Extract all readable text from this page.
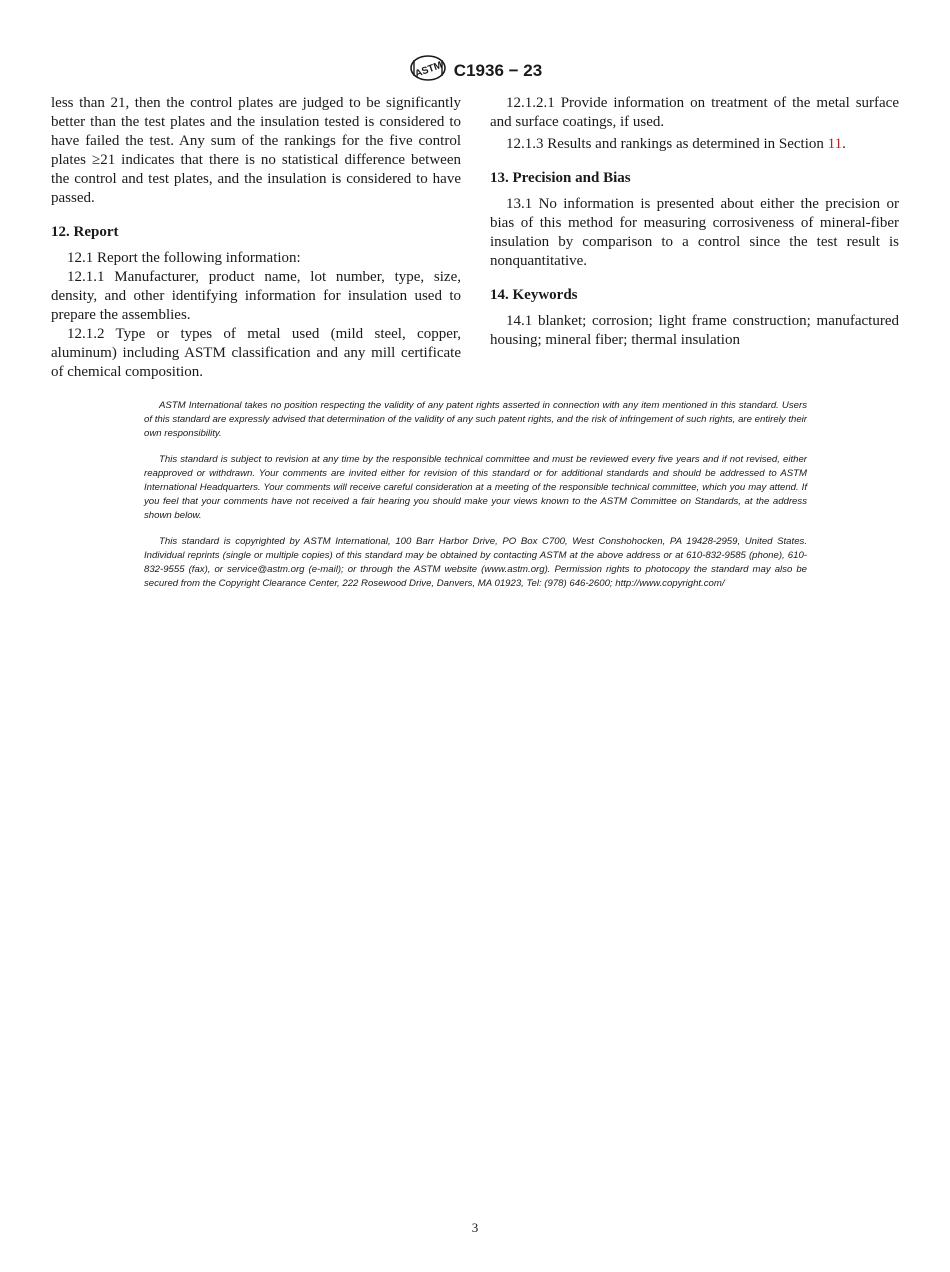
ASTM C1936 − 23

less than 21, then the control plates are judged to be significantly better than the test plates and the insulation tested is considered to have failed the test. Any sum of the rankings for the five control plates ≥21 indicates that there is no statistical difference between the control and test plates, and the insulation is considered to have passed.

12. Report

12.1 Report the following information:

12.1.1 Manufacturer, product name, lot number, type, size, density, and other identifying information for insulation used to prepare the assemblies.

12.1.2 Type or types of metal used (mild steel, copper, aluminum) including ASTM classification and any mill certificate of chemical composition.

12.1.2.1 Provide information on treatment of the metal surface and surface coatings, if used.

12.1.3 Results and rankings as determined in Section 11.

13. Precision and Bias

13.1 No information is presented about either the precision or bias of this method for measuring corrosiveness of mineral-fiber insulation by comparison to a control since the test result is nonquantitative.

14. Keywords

14.1 blanket; corrosion; light frame construction; manufactured housing; mineral fiber; thermal insulation

ASTM International takes no position respecting the validity of any patent rights asserted in connection with any item mentioned in this standard. Users of this standard are expressly advised that determination of the validity of any such patent rights, and the risk of infringement of such rights, are entirely their own responsibility.

This standard is subject to revision at any time by the responsible technical committee and must be reviewed every five years and if not revised, either reapproved or withdrawn. Your comments are invited either for revision of this standard or for additional standards and should be addressed to ASTM International Headquarters. Your comments will receive careful consideration at a meeting of the responsible technical committee, which you may attend. If you feel that your comments have not received a fair hearing you should make your views known to the ASTM Committee on Standards, at the address shown below.

This standard is copyrighted by ASTM International, 100 Barr Harbor Drive, PO Box C700, West Conshohocken, PA 19428-2959, United States. Individual reprints (single or multiple copies) of this standard may be obtained by contacting ASTM at the above address or at 610-832-9585 (phone), 610-832-9555 (fax), or service@astm.org (e-mail); or through the ASTM website (www.astm.org). Permission rights to photocopy the standard may also be secured from the Copyright Clearance Center, 222 Rosewood Drive, Danvers, MA 01923, Tel: (978) 646-2600; http://www.copyright.com/

3
